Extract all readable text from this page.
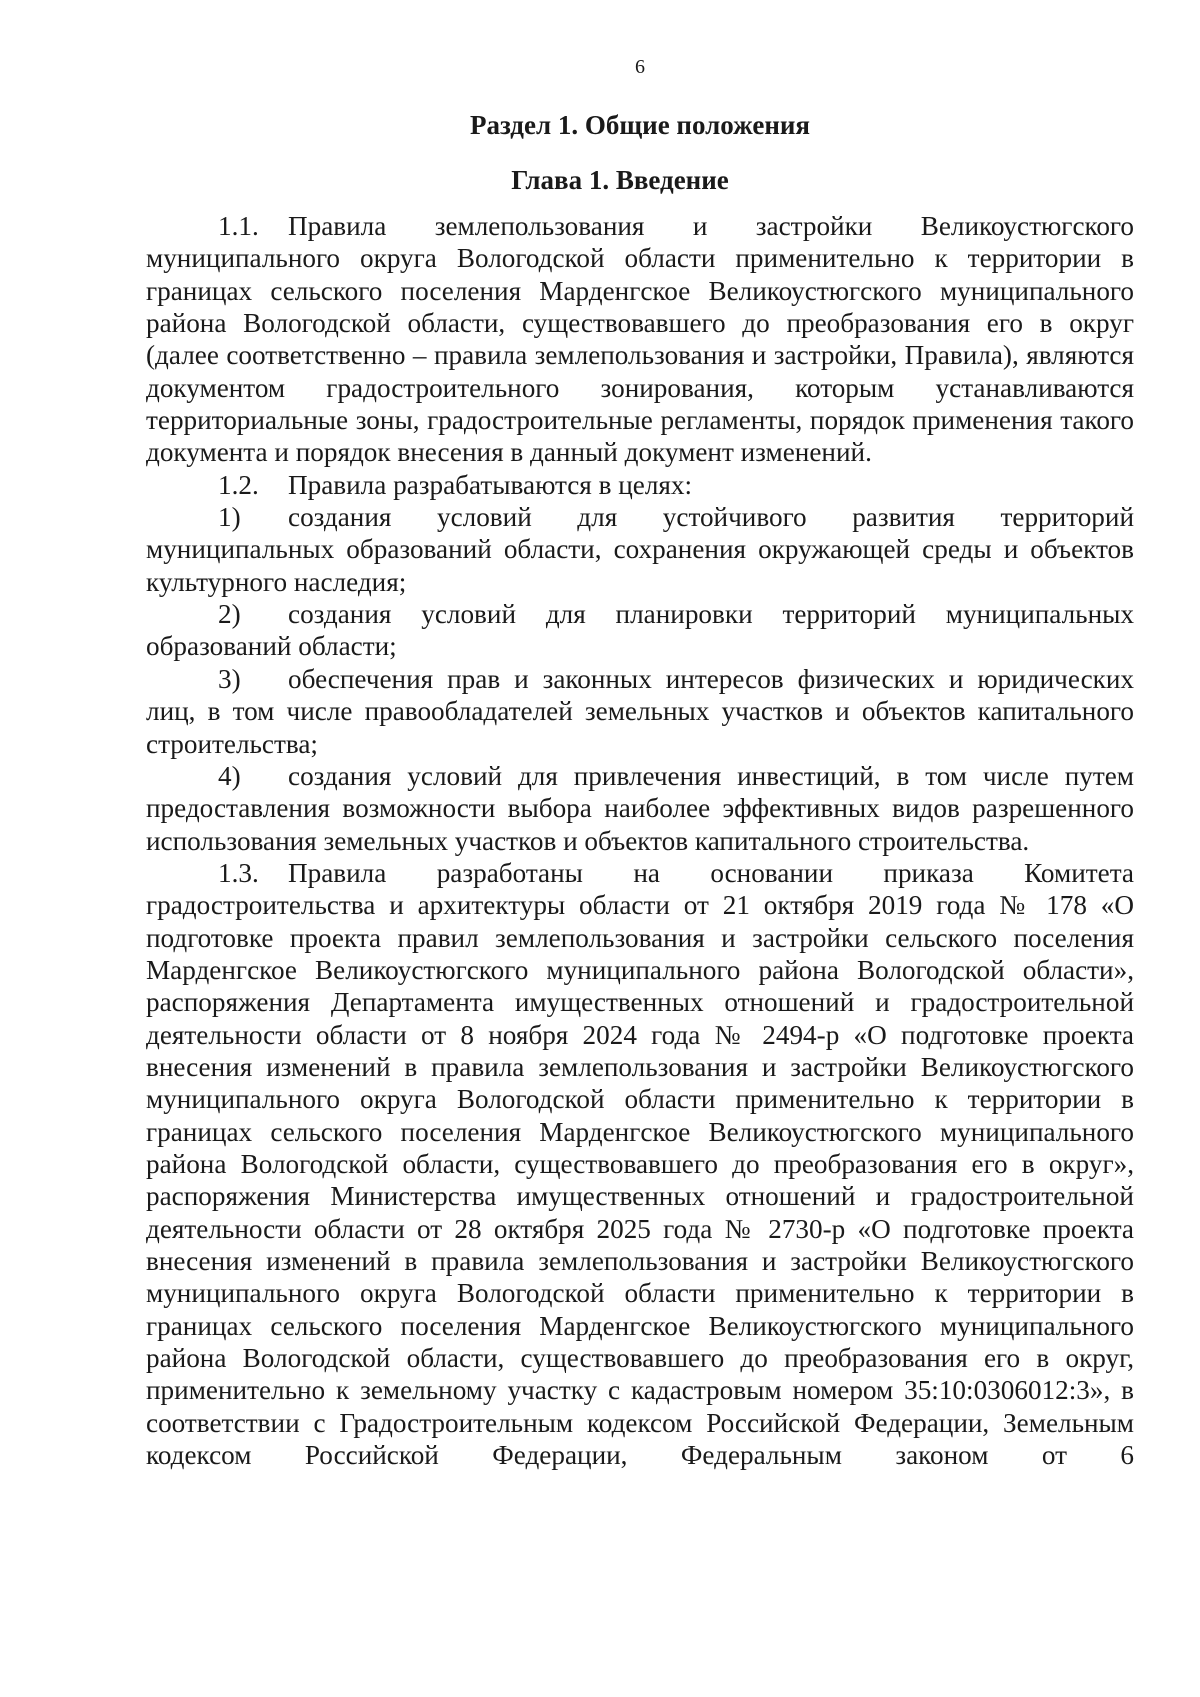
6
Раздел 1. Общие положения
Глава 1. Введение

1.1. Правила землепользования и застройки Великоустюгского муниципального округа Вологодской области применительно к территории в границах сельского поселения Марденгское Великоустюгского муниципального района Вологодской области, существовавшего до преобразования его в округ (далее соответственно – правила землепользования и застройки, Правила), являются документом градостроительного зонирования, которым устанавливаются территориальные зоны, градостроительные регламенты, порядок применения такого документа и порядок внесения в данный документ изменений.

1.2. Правила разрабатываются в целях:

1) создания условий для устойчивого развития территорий муниципальных образований области, сохранения окружающей среды и объектов культурного наследия;

2) создания условий для планировки территорий муниципальных образований области;

3) обеспечения прав и законных интересов физических и юридических лиц, в том числе правообладателей земельных участков и объектов капитального строительства;

4) создания условий для привлечения инвестиций, в том числе путем предоставления возможности выбора наиболее эффективных видов разрешенного использования земельных участков и объектов капитального строительства.

1.3. Правила разработаны на основании приказа Комитета градостроительства и архитектуры области от 21 октября 2019 года № 178 «О подготовке проекта правил землепользования и застройки сельского поселения Марденгское Великоустюгского муниципального района Вологодской области», распоряжения Департамента имущественных отношений и градостроительной деятельности области от 8 ноября 2024 года № 2494-р «О подготовке проекта внесения изменений в правила землепользования и застройки Великоустюгского муниципального округа Вологодской области применительно к территории в границах сельского поселения Марденгское Великоустюгского муниципального района Вологодской области, существовавшего до преобразования его в округ», распоряжения Министерства имущественных отношений и градостроительной деятельности области от 28 октября 2025 года № 2730-р «О подготовке проекта внесения изменений в правила землепользования и застройки Великоустюгского муниципального округа Вологодской области применительно к территории в границах сельского поселения Марденгское Великоустюгского муниципального района Вологодской области, существовавшего до преобразования его в округ, применительно к земельному участку с кадастровым номером 35:10:0306012:3», в соответствии с Градостроительным кодексом Российской Федерации, Земельным кодексом Российской Федерации, Федеральным законом от 6
